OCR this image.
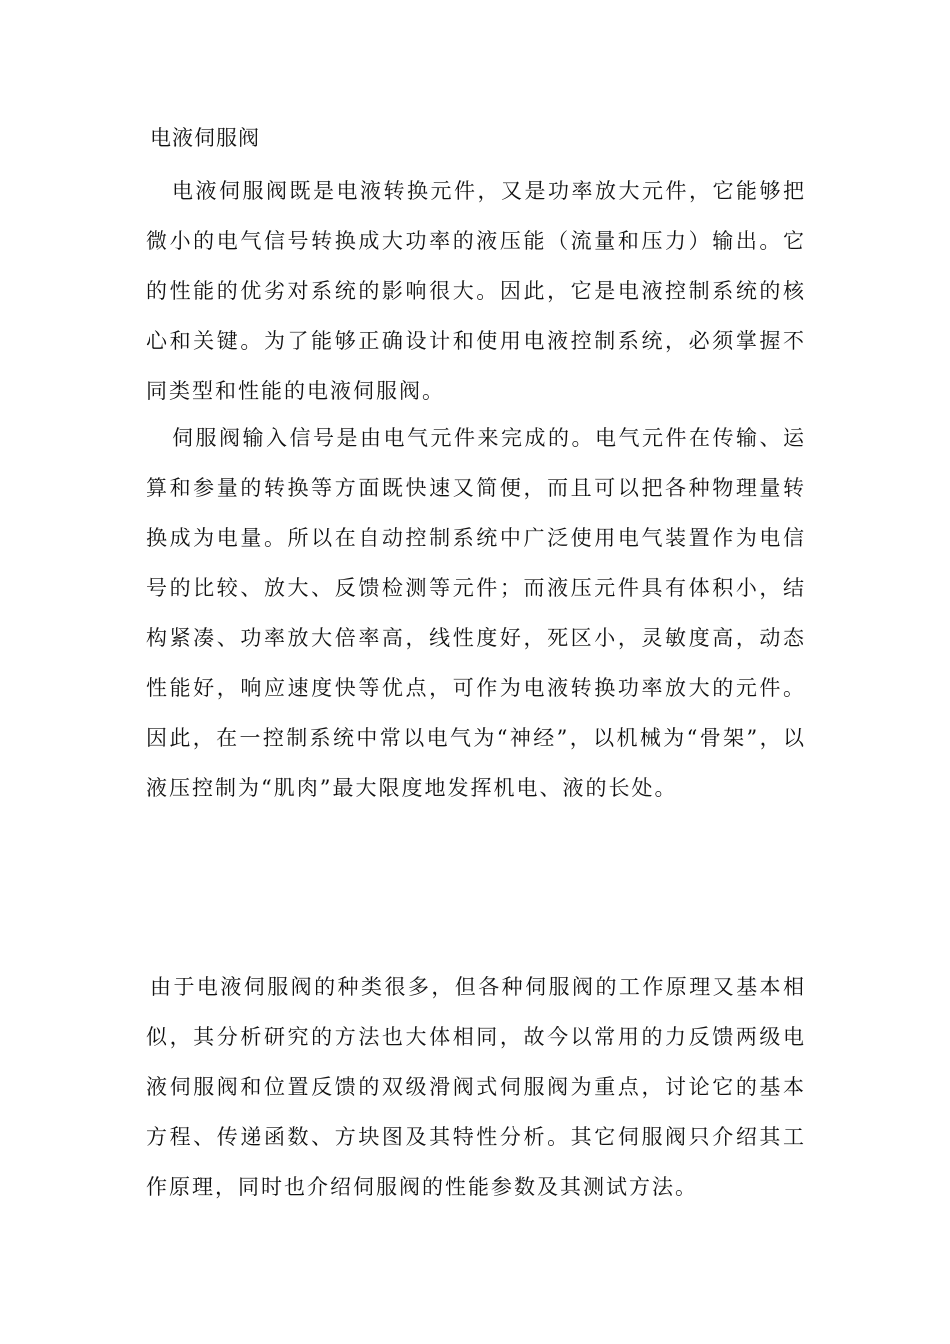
电液伺服阀

电液伺服阀既是电液转换元件，又是功率放大元件，它能够把微小的电气信号转换成大功率的液压能（流量和压力）输出。它的性能的优劣对系统的影响很大。因此，它是电液控制系统的核心和关键。为了能够正确设计和使用电液控制系统，必须掌握不同类型和性能的电液伺服阀。

伺服阀输入信号是由电气元件来完成的。电气元件在传输、运算和参量的转换等方面既快速又简便，而且可以把各种物理量转换成为电量。所以在自动控制系统中广泛使用电气装置作为电信号的比较、放大、反馈检测等元件；而液压元件具有体积小，结构紧凑、功率放大倍率高，线性度好，死区小，灵敏度高，动态性能好，响应速度快等优点，可作为电液转换功率放大的元件。因此，在一控制系统中常以电气为“神经”，以机械为“骨架”，以液压控制为“肌肉”最大限度地发挥机电、液的长处。

由于电液伺服阀的种类很多，但各种伺服阀的工作原理又基本相似，其分析研究的方法也大体相同，故今以常用的力反馈两级电液伺服阀和位置反馈的双级滑阀式伺服阀为重点，讨论它的基本方程、传递函数、方块图及其特性分析。其它伺服阀只介绍其工作原理，同时也介绍伺服阀的性能参数及其测试方法。
